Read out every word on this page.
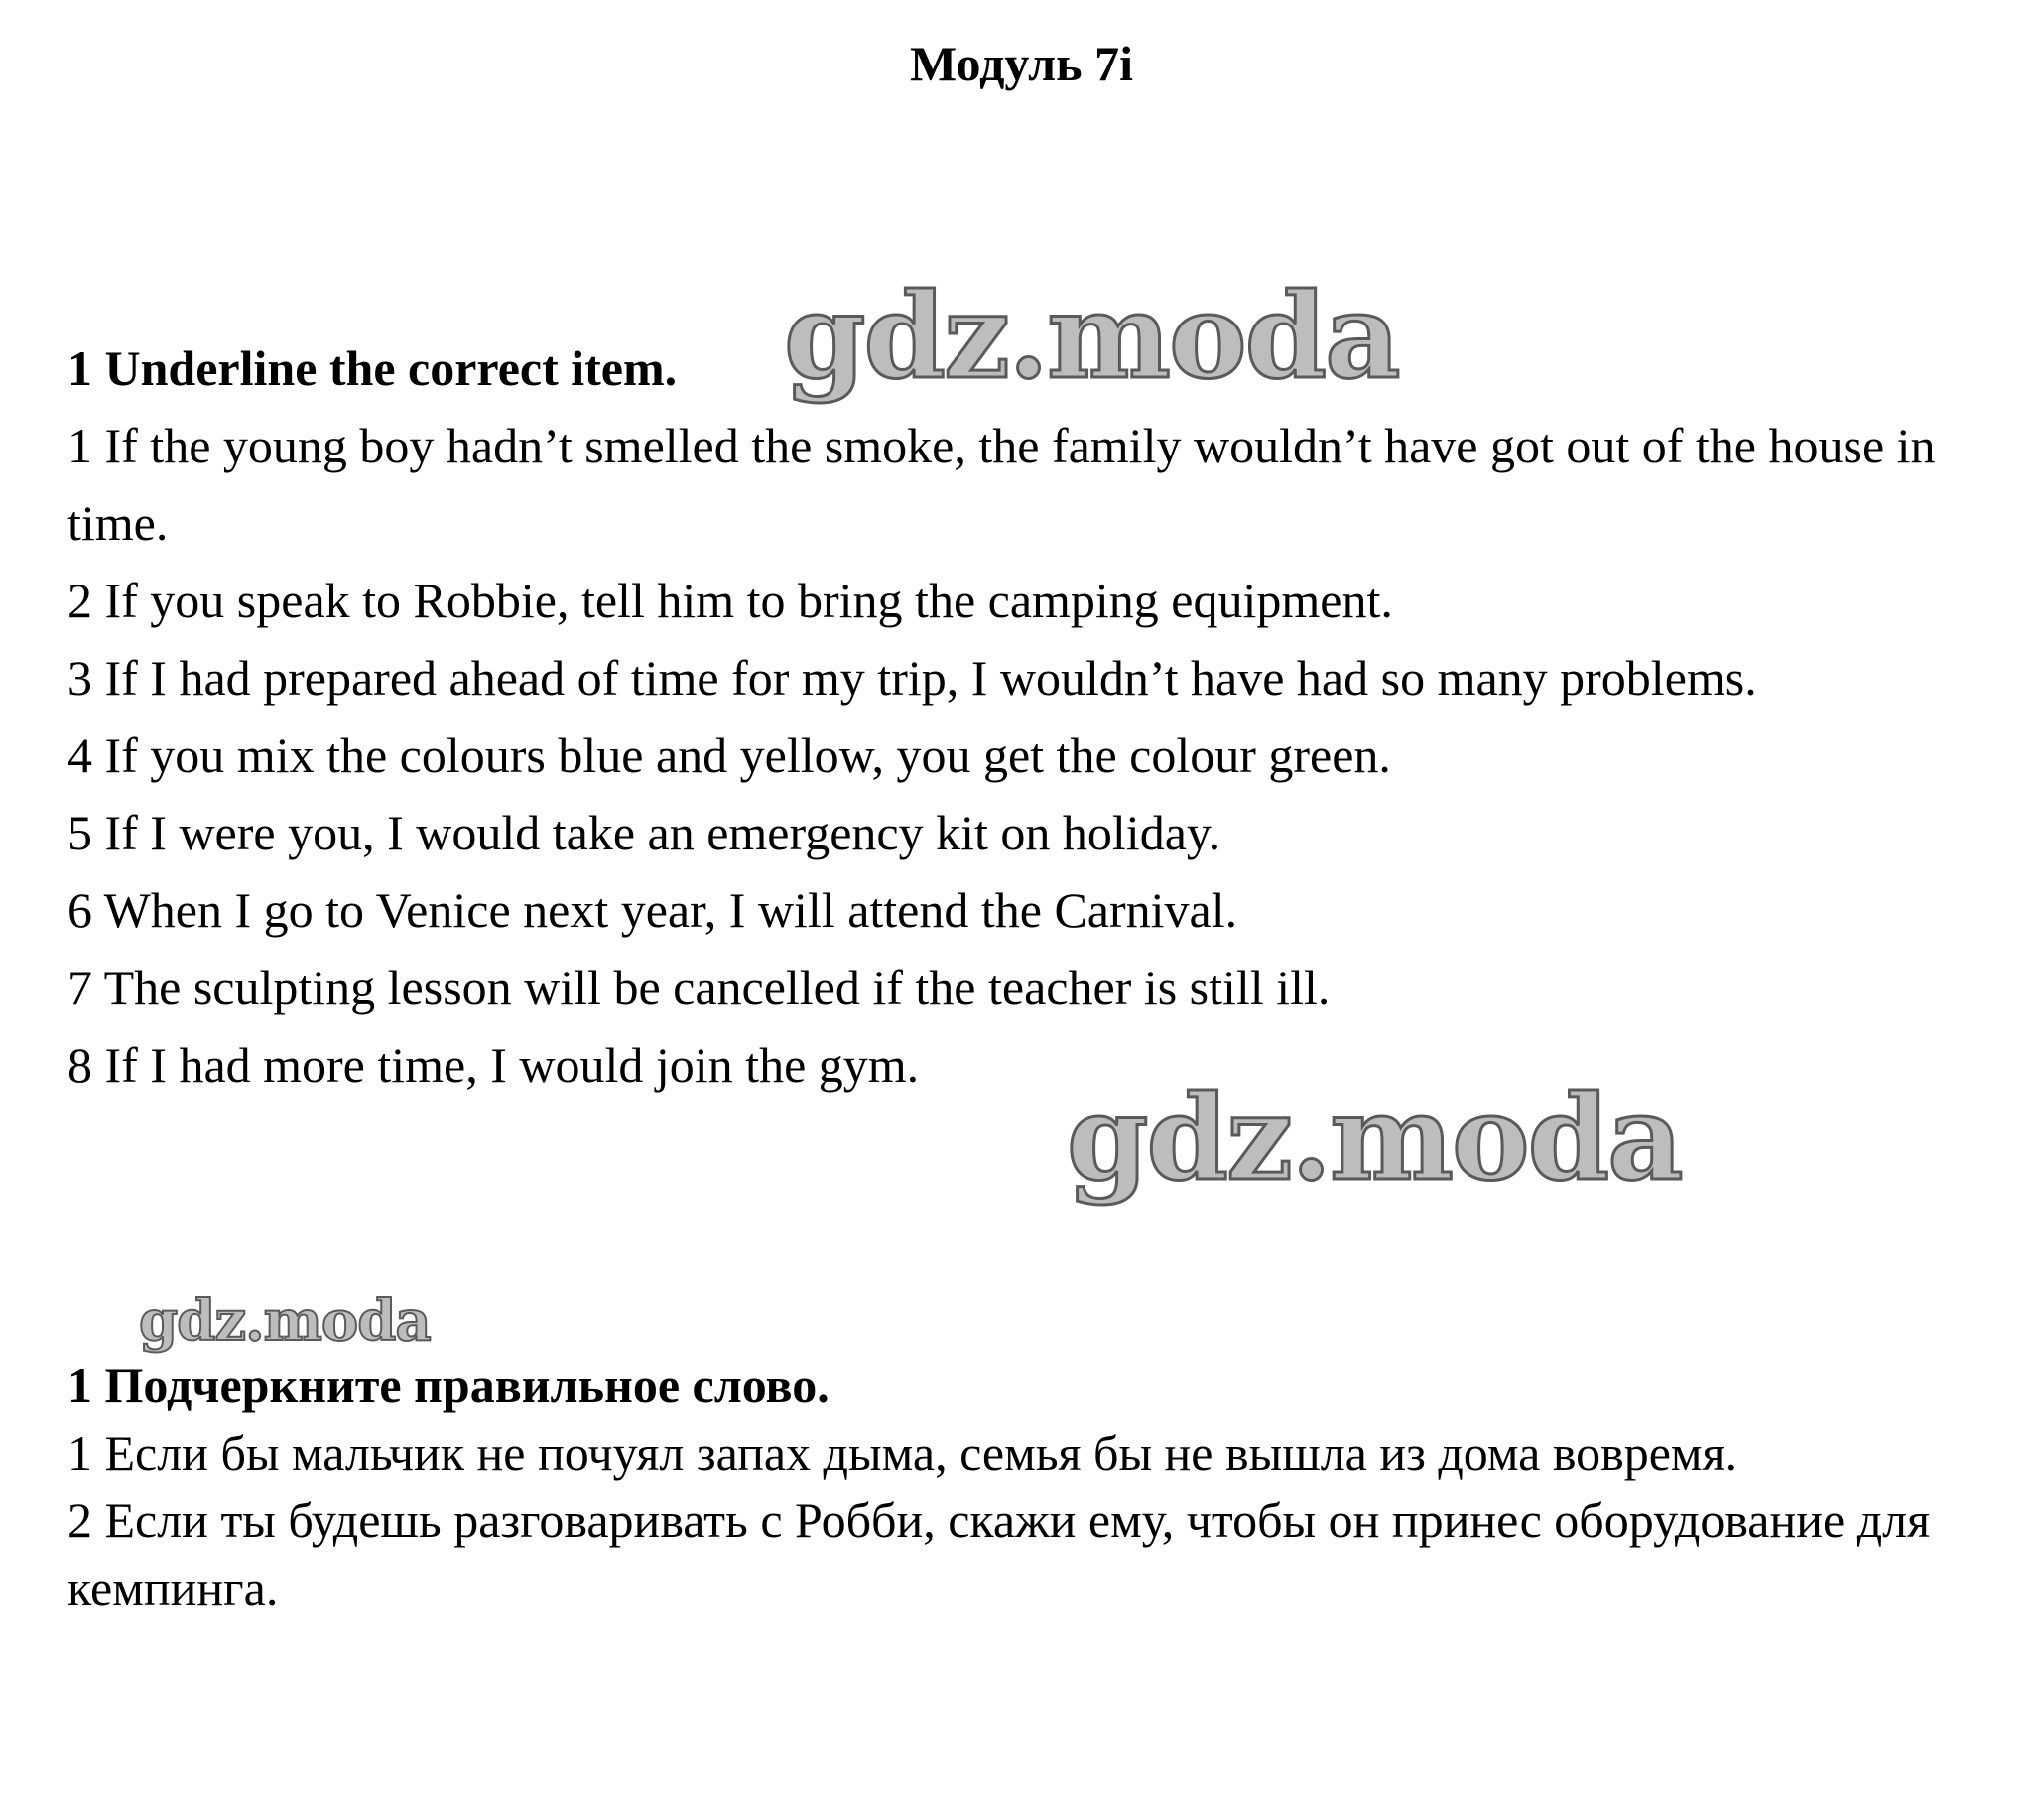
Модуль 7i
1 Underline the correct item.
1 If the young boy hadn’t smelled the smoke, the family wouldn’t have got out of the house in time.
2 If you speak to Robbie, tell him to bring the camping equipment.
3 If I had prepared ahead of time for my trip, I wouldn’t have had so many problems.
4 If you mix the colours blue and yellow, you get the colour green.
5 If I were you, I would take an emergency kit on holiday.
6 When I go to Venice next year, I will attend the Carnival.
7 The sculpting lesson will be cancelled if the teacher is still ill.
8 If I had more time, I would join the gym.
1 Подчеркните правильное слово.
1 Если бы мальчик не почуял запах дыма, семья бы не вышла из дома вовремя.
2 Если ты будешь разговаривать с Робби, скажи ему, чтобы он принес оборудование для кемпинга.
gdz.moda
gdz.moda
gdz.moda
